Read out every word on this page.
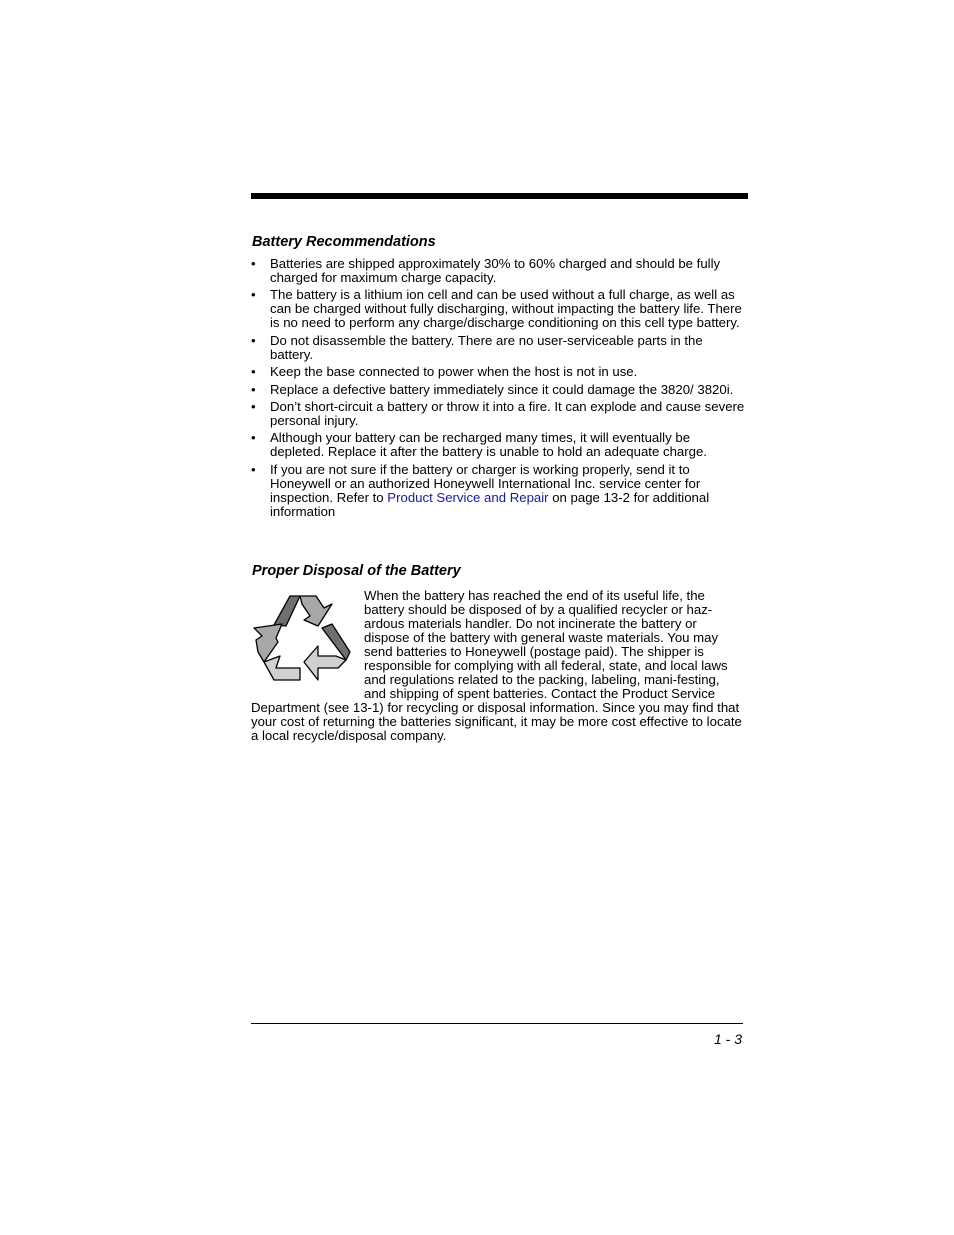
Battery Recommendations
• Batteries are shipped approximately 30% to 60% charged and should be fully charged for maximum charge capacity.
• The battery is a lithium ion cell and can be used without a full charge, as well as can be charged without fully discharging, without impacting the battery life. There is no need to perform any charge/discharge conditioning on this cell type battery.
• Do not disassemble the battery. There are no user-serviceable parts in the battery.
• Keep the base connected to power when the host is not in use.
• Replace a defective battery immediately since it could damage the 3820/ 3820i.
• Don’t short-circuit a battery or throw it into a fire. It can explode and cause severe personal injury.
• Although your battery can be recharged many times, it will eventually be depleted. Replace it after the battery is unable to hold an adequate charge.
• If you are not sure if the battery or charger is working properly, send it to Honeywell or an authorized Honeywell International Inc. service center for inspection. Refer to Product Service and Repair on page 13-2 for additional information
Proper Disposal of the Battery

When the battery has reached the end of its useful life, the battery should be disposed of by a qualified recycler or haz-ardous materials handler. Do not incinerate the battery or dispose of the battery with general waste materials. You may send batteries to Honeywell (postage paid). The shipper is responsible for complying with all federal, state, and local laws and regulations related to the packing, labeling, mani-festing, and shipping of spent batteries. Contact the Product Service Department (see 13-1) for recycling or disposal information. Since you may find that your cost of returning the batteries significant, it may be more cost effective to locate a local recycle/disposal company.

1 - 3
